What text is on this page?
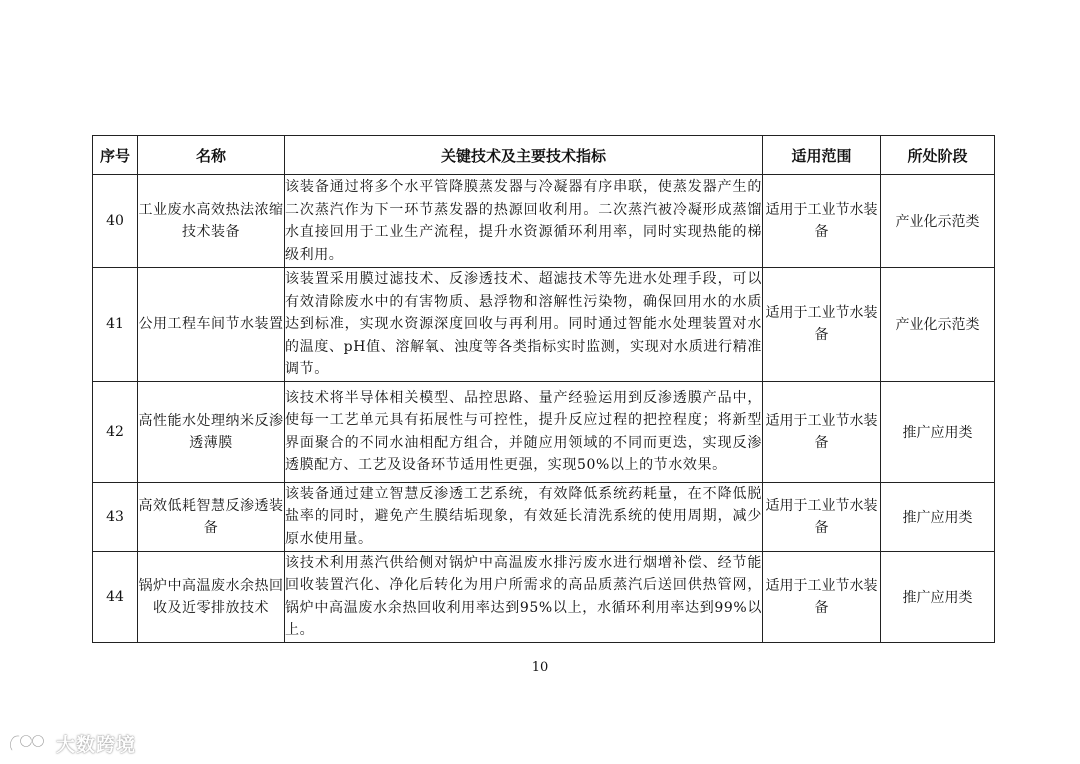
序号	名称	关键技术及主要技术指标	适用范围	所处阶段
40	工业废水高效热法浓缩技术装备	该装备通过将多个水平管降膜蒸发器与冷凝器有序串联，使蒸发器产生的二次蒸汽作为下一环节蒸发器的热源回收利用。二次蒸汽被冷凝形成蒸馏水直接回用于工业生产流程，提升水资源循环利用率，同时实现热能的梯级利用。	适用于工业节水装备	产业化示范类
41	公用工程车间节水装置	该装置采用膜过滤技术、反渗透技术、超滤技术等先进水处理手段，可以有效清除废水中的有害物质、悬浮物和溶解性污染物，确保回用水的水质达到标准，实现水资源深度回收与再利用。同时通过智能水处理装置对水的温度、pH值、溶解氧、浊度等各类指标实时监测，实现对水质进行精准调节。	适用于工业节水装备	产业化示范类
42	高性能水处理纳米反渗透薄膜	该技术将半导体相关模型、品控思路、量产经验运用到反渗透膜产品中，使每一工艺单元具有拓展性与可控性，提升反应过程的把控程度；将新型界面聚合的不同水油相配方组合，并随应用领域的不同而更迭，实现反渗透膜配方、工艺及设备环节适用性更强，实现50%以上的节水效果。	适用于工业节水装备	推广应用类
43	高效低耗智慧反渗透装备	该装备通过建立智慧反渗透工艺系统，有效降低系统药耗量，在不降低脱盐率的同时，避免产生膜结垢现象，有效延长清洗系统的使用周期，减少原水使用量。	适用于工业节水装备	推广应用类
44	锅炉中高温废水余热回收及近零排放技术	该技术利用蒸汽供给侧对锅炉中高温废水排污废水进行烟增补偿、经节能回收装置汽化、净化后转化为用户所需求的高品质蒸汽后送回供热管网，锅炉中高温废水余热回收利用率达到95%以上，水循环利用率达到99%以上。	适用于工业节水装备	推广应用类
10
大数跨境
